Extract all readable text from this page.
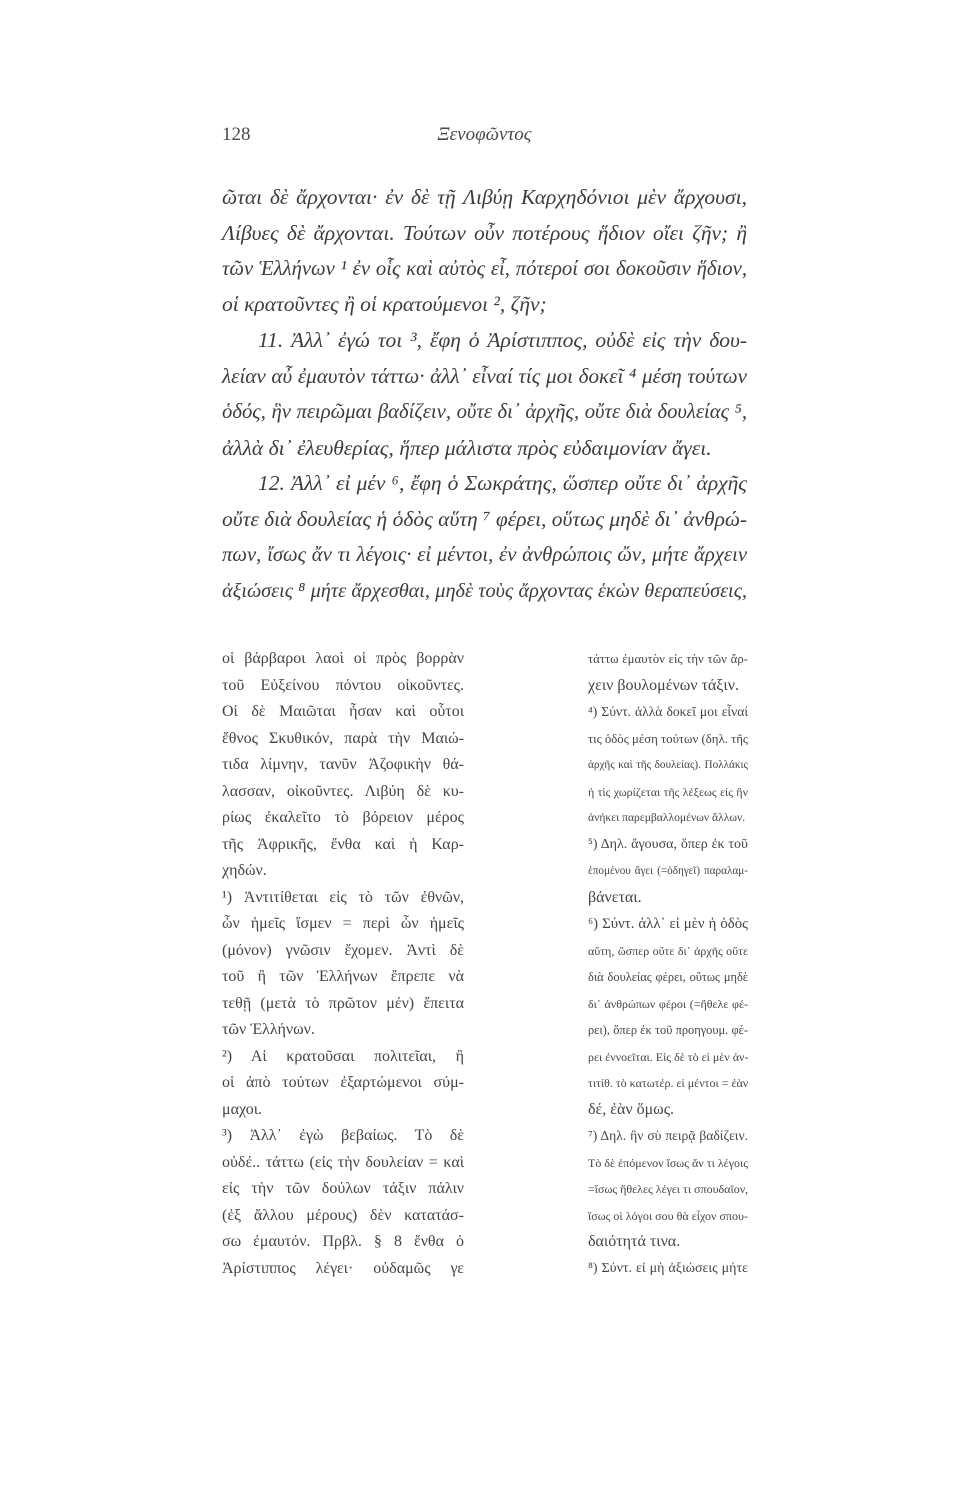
128	Ξενοφῶντος
ῶται δὲ ἄρχονται· ἐν δὲ τῇ Λιβύῃ Καρχηδόνιοι μὲν ἄρχουσι,
Λίβυες δὲ ἄρχονται. Τούτων οὖν ποτέρους ἥδιον οἴει ζῆν; ἢ
τῶν Ἑλλήνων ¹ ἐν οἷς καὶ αὐτὸς εἶ, πότεροί σοι δοκοῦσιν ἥδιον,
οἱ κρατοῦντες ἢ οἱ κρατούμενοι ², ζῆν;
11. Ἀλλ᾽ ἐγώ τοι ³, ἔφη ὁ Ἀρίστιππος, οὐδὲ εἰς τὴν δου-
λείαν αὖ ἐμαυτὸν τάττω· ἀλλ᾽ εἶναί τίς μοι δοκεῖ ⁴ μέση τούτων
ὁδός, ἣν πειρῶμαι βαδίζειν, οὔτε δι᾽ ἀρχῆς, οὔτε διὰ δουλείας ⁵,
ἀλλὰ δι᾽ ἐλευθερίας, ἥπερ μάλιστα πρὸς εὐδαιμονίαν ἄγει.
12. Ἀλλ᾽ εἰ μέν ⁶, ἔφη ὁ Σωκράτης, ὥσπερ οὔτε δι᾽ ἀρχῆς
οὔτε διὰ δουλείας ἡ ὁδὸς αὕτη ⁷ φέρει, οὕτως μηδὲ δι᾽ ἀνθρώ-
πων, ἴσως ἄν τι λέγοις· εἰ μέντοι, ἐν ἀνθρώποις ὤν, μήτε ἄρχειν
ἀξιώσεις ⁸ μήτε ἄρχεσθαι, μηδὲ τοὺς ἄρχοντας ἑκὼν θεραπεύσεις,
οἱ βάρβαροι λαοὶ οἱ πρὸς βορρὰν
τοῦ Εὐξείνου πόντου οἰκοῦντες.
Οἱ δὲ Μαιῶται ἦσαν καὶ οὗτοι
ἔθνος Σκυθικόν, παρὰ τὴν Μαιώ-
τιδα λίμνην, τανῦν Ἀζοφικὴν θά-
λασσαν, οἰκοῦντες. Λιβύη δὲ κυ-
ρίως ἐκαλεῖτο τὸ βόρειον μέρος
τῆς Ἀφρικῆς, ἔνθα καὶ ἡ Καρ-
χηδών.
¹) Ἀντιτίθεται εἰς τὸ τῶν ἐθνῶν,
ὧν ἡμεῖς ἴσμεν = περὶ ὧν ἡμεῖς
(μόνον) γνῶσιν ἔχομεν. Ἀντὶ δὲ
τοῦ ἢ τῶν Ἑλλήνων ἔπρεπε νὰ
τεθῇ (μετὰ τὸ πρῶτον μέν) ἔπειτα
τῶν Ἑλλήνων.
²) Αἱ κρατοῦσαι πολιτεῖαι, ἢ
οἱ ἀπὸ τούτων ἐξαρτώμενοι σύμ-
μαχοι.
³) Ἀλλ᾽ ἐγὼ βεβαίως. Τὸ δὲ
οὐδέ.. τάττω (εἰς τὴν δουλείαν = καὶ
εἰς τὴν τῶν δούλων τάξιν πάλιν
(ἐξ ἄλλου μέρους) δὲν κατατάσ-
σω ἐμαυτόν. Πρβλ. § 8 ἔνθα ὁ
Ἀρίστιππος λέγει· οὐδαμῶς γε
τάττω ἐμαυτὸν εἰς τὴν τῶν ἄρ-
χειν βουλομένων τάξιν.
⁴) Σύντ. ἀλλὰ δοκεῖ μοι εἶναί
τις ὁδὸς μέση τούτων (δηλ. τῆς
ἀρχῆς καὶ τῆς δουλείας). Πολλάκις
ἡ τὶς χωρίζεται τῆς λέξεως εἰς ἣν
ἀνήκει παρεμβαλλομένων ἄλλων.
⁵) Δηλ. ἄγουσα, ὅπερ ἐκ τοῦ
ἑπομένου ἄγει (=ὁδηγεῖ) παραλαμ-
βάνεται.
⁶) Σύντ. ἀλλ᾽ εἰ μὲν ἡ ὁδὸς
αὕτη, ὥσπερ οὔτε δι᾽ ἀρχῆς οὔτε
διὰ δουλείας φέρει, οὕτως μηδὲ
δι᾽ ἀνθρώπων φέροι (=ἤθελε φέ-
ρει), ὅπερ ἐκ τοῦ προηγουμ. φέ-
ρει ἐννοεῖται. Εἰς δὲ τὸ εἰ μὲν ἀν-
τιτίθ. τὸ κατωτέρ. εἰ μέντοι = ἐὰν
δέ, ἐὰν ὅμως.
⁷) Δηλ. ἣν σὺ πειρᾷ βαδίζειν.
Τὸ δὲ ἑπόμενον ἴσως ἄν τι λέγοις
=ἴσως ἤθελες λέγει τι σπουδαῖον,
ἴσως οἱ λόγοι σου θὰ εἶχον σπου-
δαιότητά τινα.
⁸) Σύντ. εἰ μὴ ἀξιώσεις μήτε
